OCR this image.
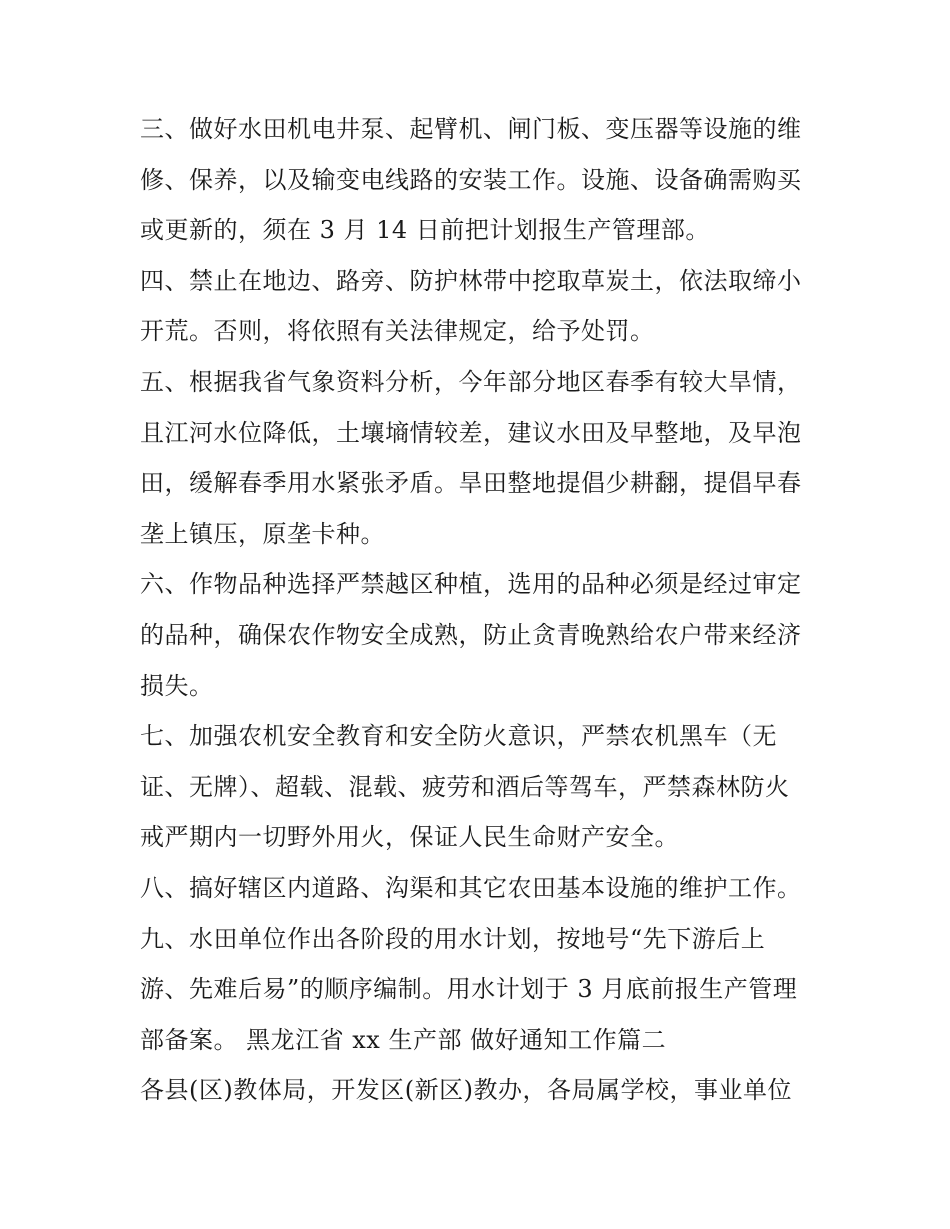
三、做好水田机电井泵、起臂机、闸门板、变压器等设施的维
修、保养，以及输变电线路的安装工作。设施、设备确需购买
或更新的，须在 3 月 14 日前把计划报生产管理部。
四、禁止在地边、路旁、防护林带中挖取草炭土，依法取缔小
开荒。否则，将依照有关法律规定，给予处罚。
五、根据我省气象资料分析，今年部分地区春季有较大旱情，
且江河水位降低，土壤墒情较差，建议水田及早整地，及早泡
田，缓解春季用水紧张矛盾。旱田整地提倡少耕翻，提倡早春
垄上镇压，原垄卡种。
六、作物品种选择严禁越区种植，选用的品种必须是经过审定
的品种，确保农作物安全成熟，防止贪青晚熟给农户带来经济
损失。
七、加强农机安全教育和安全防火意识，严禁农机黑车（无
证、无牌）、超载、混载、疲劳和酒后等驾车，严禁森林防火
戒严期内一切野外用火，保证人民生命财产安全。
八、搞好辖区内道路、沟渠和其它农田基本设施的维护工作。
九、水田单位作出各阶段的用水计划，按地号“先下游后上
游、先难后易”的顺序编制。用水计划于 3 月底前报生产管理
部备案。 黑龙江省 xx 生产部 做好通知工作篇二
各县(区)教体局，开发区(新区)教办，各局属学校，事业单位
